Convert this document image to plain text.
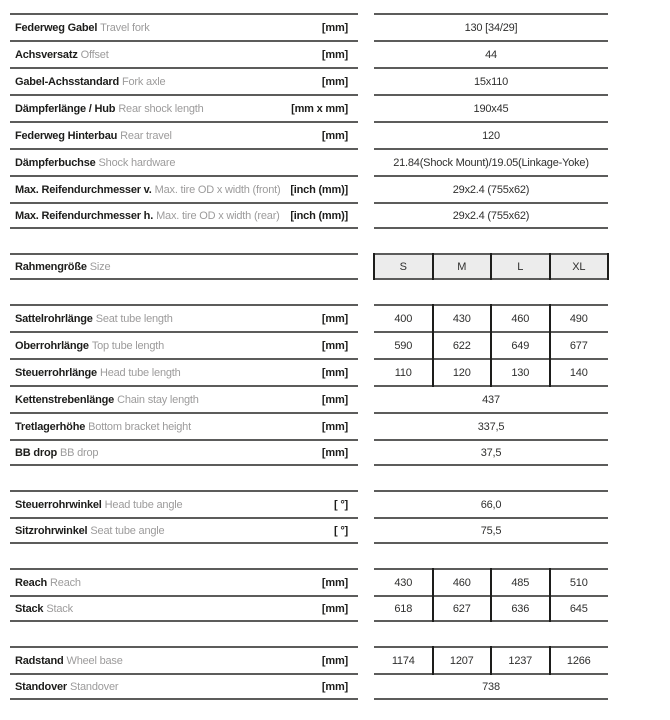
Federweg Gabel Travel fork	[mm]	130 [34/29]
Achsversatz Offset	[mm]	44
Gabel-Achsstandard Fork axle	[mm]	15x110
Dämpferlänge / Hub Rear shock length	[mm x mm]	190x45
Federweg Hinterbau Rear travel	[mm]	120
Dämpferbuchse Shock hardware	21.84(Shock Mount)/19.05(Linkage-Yoke)
Max. Reifendurchmesser v. Max. tire OD x width (front) [inch (mm)]	29x2.4 (755x62)
Max. Reifendurchmesser h. Max. tire OD x width (rear) [inch (mm)]	29x2.4 (755x62)
Rahmengröße Size	S	M	L	XL
Sattelrohrlänge Seat tube length	[mm]	400	430	460	490
Oberrohrlänge Top tube length	[mm]	590	622	649	677
Steuerrohrlänge Head tube length	[mm]	110	120	130	140
Kettenstrebenlänge Chain stay length	[mm]	437
Tretlagerhöhe Bottom bracket height	[mm]	337,5
BB drop BB drop	[mm]	37,5
Steuerrohrwinkel Head tube angle	[ °]	66,0
Sitzrohrwinkel Seat tube angle	[ °]	75,5
Reach Reach	[mm]	430	460	485	510
Stack Stack	[mm]	618	627	636	645
Radstand Wheel base	[mm]	1174	1207	1237	1266
Standover Standover	[mm]	738
